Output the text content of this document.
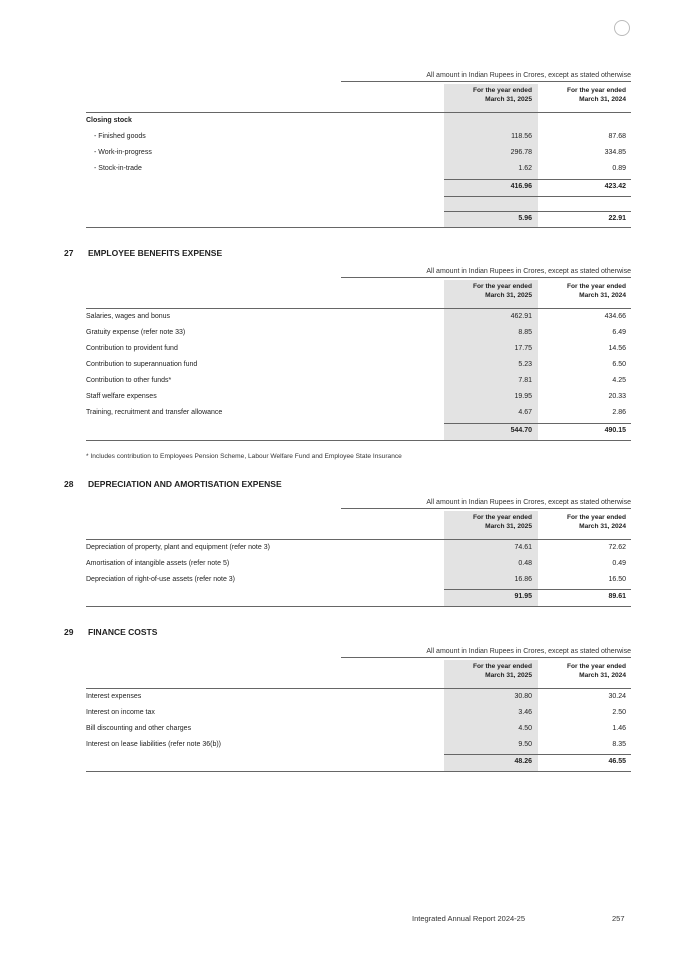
All amount in Indian Rupees in Crores, except as stated otherwise
For the year ended
March 31, 2025
For the year ended
March 31, 2024
Closing stock
- Finished goods	118.56	87.68
- Work-in-progress	296.78	334.85
- Stock-in-trade	1.62	0.89
416.96	423.42
5.96	22.91
27 EMPLOYEE BENEFITS EXPENSE
All amount in Indian Rupees in Crores, except as stated otherwise
For the year ended
March 31, 2025
For the year ended
March 31, 2024
Salaries, wages and bonus	462.91	434.66
Gratuity expense (refer note 33)	8.85	6.49
Contribution to provident fund	17.75	14.56
Contribution to superannuation fund	5.23	6.50
Contribution to other funds*	7.81	4.25
Staff welfare expenses	19.95	20.33
Training, recruitment and transfer allowance	4.67	2.86
544.70	490.15
* Includes contribution to Employees Pension Scheme, Labour Welfare Fund and Employee State Insurance
28 DEPRECIATION AND AMORTISATION EXPENSE
All amount in Indian Rupees in Crores, except as stated otherwise
For the year ended
March 31, 2025
For the year ended
March 31, 2024
Depreciation of property, plant and equipment (refer note 3)	74.61	72.62
Amortisation of intangible assets (refer note 5)	0.48	0.49
Depreciation of right-of-use assets (refer note 3)	16.86	16.50
91.95	89.61
29 FINANCE COSTS
All amount in Indian Rupees in Crores, except as stated otherwise
For the year ended
March 31, 2025
For the year ended
March 31, 2024
Interest expenses	30.80	30.24
Interest on income tax	3.46	2.50
Bill discounting and other charges	4.50	1.46
Interest on lease liabilities (refer note 36(b))	9.50	8.35
48.26	46.55
Integrated Annual Report 2024-25	257
